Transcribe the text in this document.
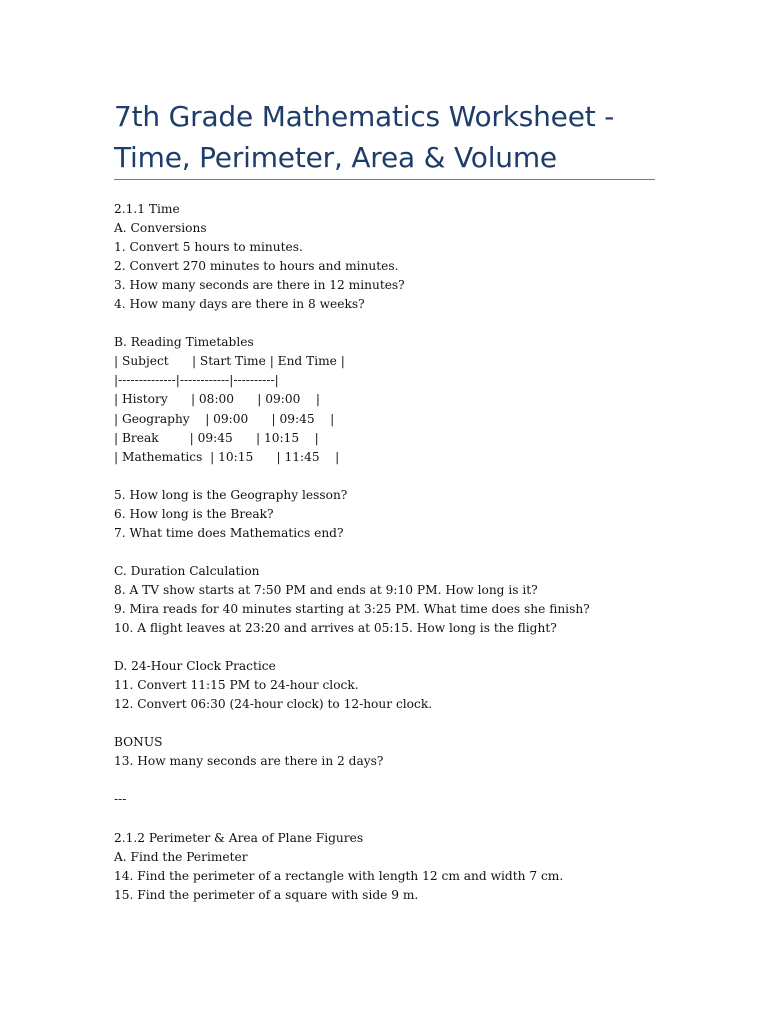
7th Grade Mathematics Worksheet -
Time, Perimeter, Area & Volume
2.1.1 Time
A. Conversions
1. Convert 5 hours to minutes.
2. Convert 270 minutes to hours and minutes.
3. How many seconds are there in 12 minutes?
4. How many days are there in 8 weeks?
B. Reading Timetables
| Subject      | Start Time | End Time |
|--------------|------------|----------|
| History      | 08:00      | 09:00    |
| Geography    | 09:00      | 09:45    |
| Break        | 09:45      | 10:15    |
| Mathematics  | 10:15      | 11:45    |
5. How long is the Geography lesson?
6. How long is the Break?
7. What time does Mathematics end?
C. Duration Calculation
8. A TV show starts at 7:50 PM and ends at 9:10 PM. How long is it?
9. Mira reads for 40 minutes starting at 3:25 PM. What time does she finish?
10. A flight leaves at 23:20 and arrives at 05:15. How long is the flight?
D. 24-Hour Clock Practice
11. Convert 11:15 PM to 24-hour clock.
12. Convert 06:30 (24-hour clock) to 12-hour clock.
BONUS
13. How many seconds are there in 2 days?
---
2.1.2 Perimeter & Area of Plane Figures
A. Find the Perimeter
14. Find the perimeter of a rectangle with length 12 cm and width 7 cm.
15. Find the perimeter of a square with side 9 m.
